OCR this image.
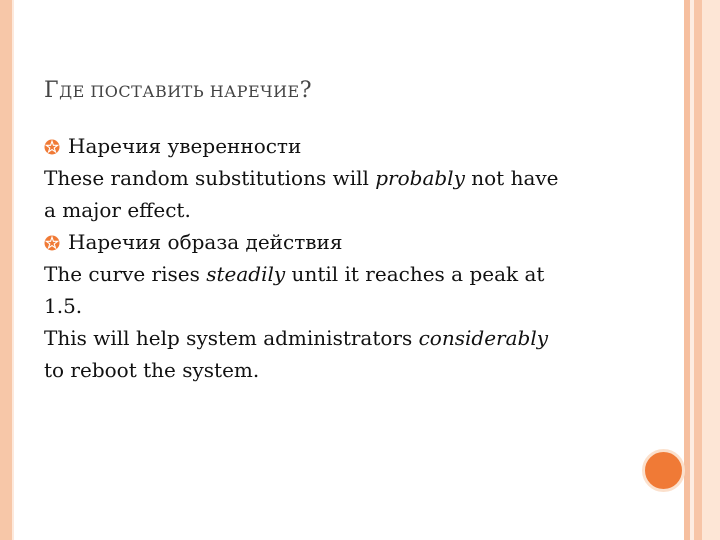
ГДЕ ПОСТАВИТЬ НАРЕЧИЕ?
Наречия уверенности
These random substitutions will probably not have
a major effect.
Наречия образа действия
The curve rises steadily until it reaches a peak at
1.5.
This will help system administrators considerably
to reboot the system.
